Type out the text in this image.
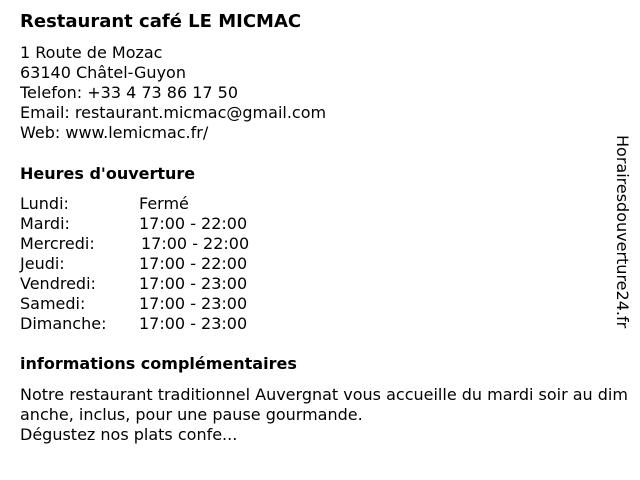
Restaurant café LE MICMAC
1 Route de Mozac
63140 Châtel-Guyon
Telefon: +33 4 73 86 17 50
Email: restaurant.micmac@gmail.com
Web: www.lemicmac.fr/
Heures d'ouverture
Lundi:	Fermé
Mardi:	17:00 - 22:00
Mercredi:	17:00 - 22:00
Jeudi:	17:00 - 22:00
Vendredi:	17:00 - 23:00
Samedi:	17:00 - 23:00
Dimanche: 17:00 - 23:00
informations complémentaires
Notre restaurant traditionnel Auvergnat vous accueille du mardi soir au dimanche, inclus, pour une pause gourmande.
Dégustez nos plats confe...
Horairesdouverture24.fr
